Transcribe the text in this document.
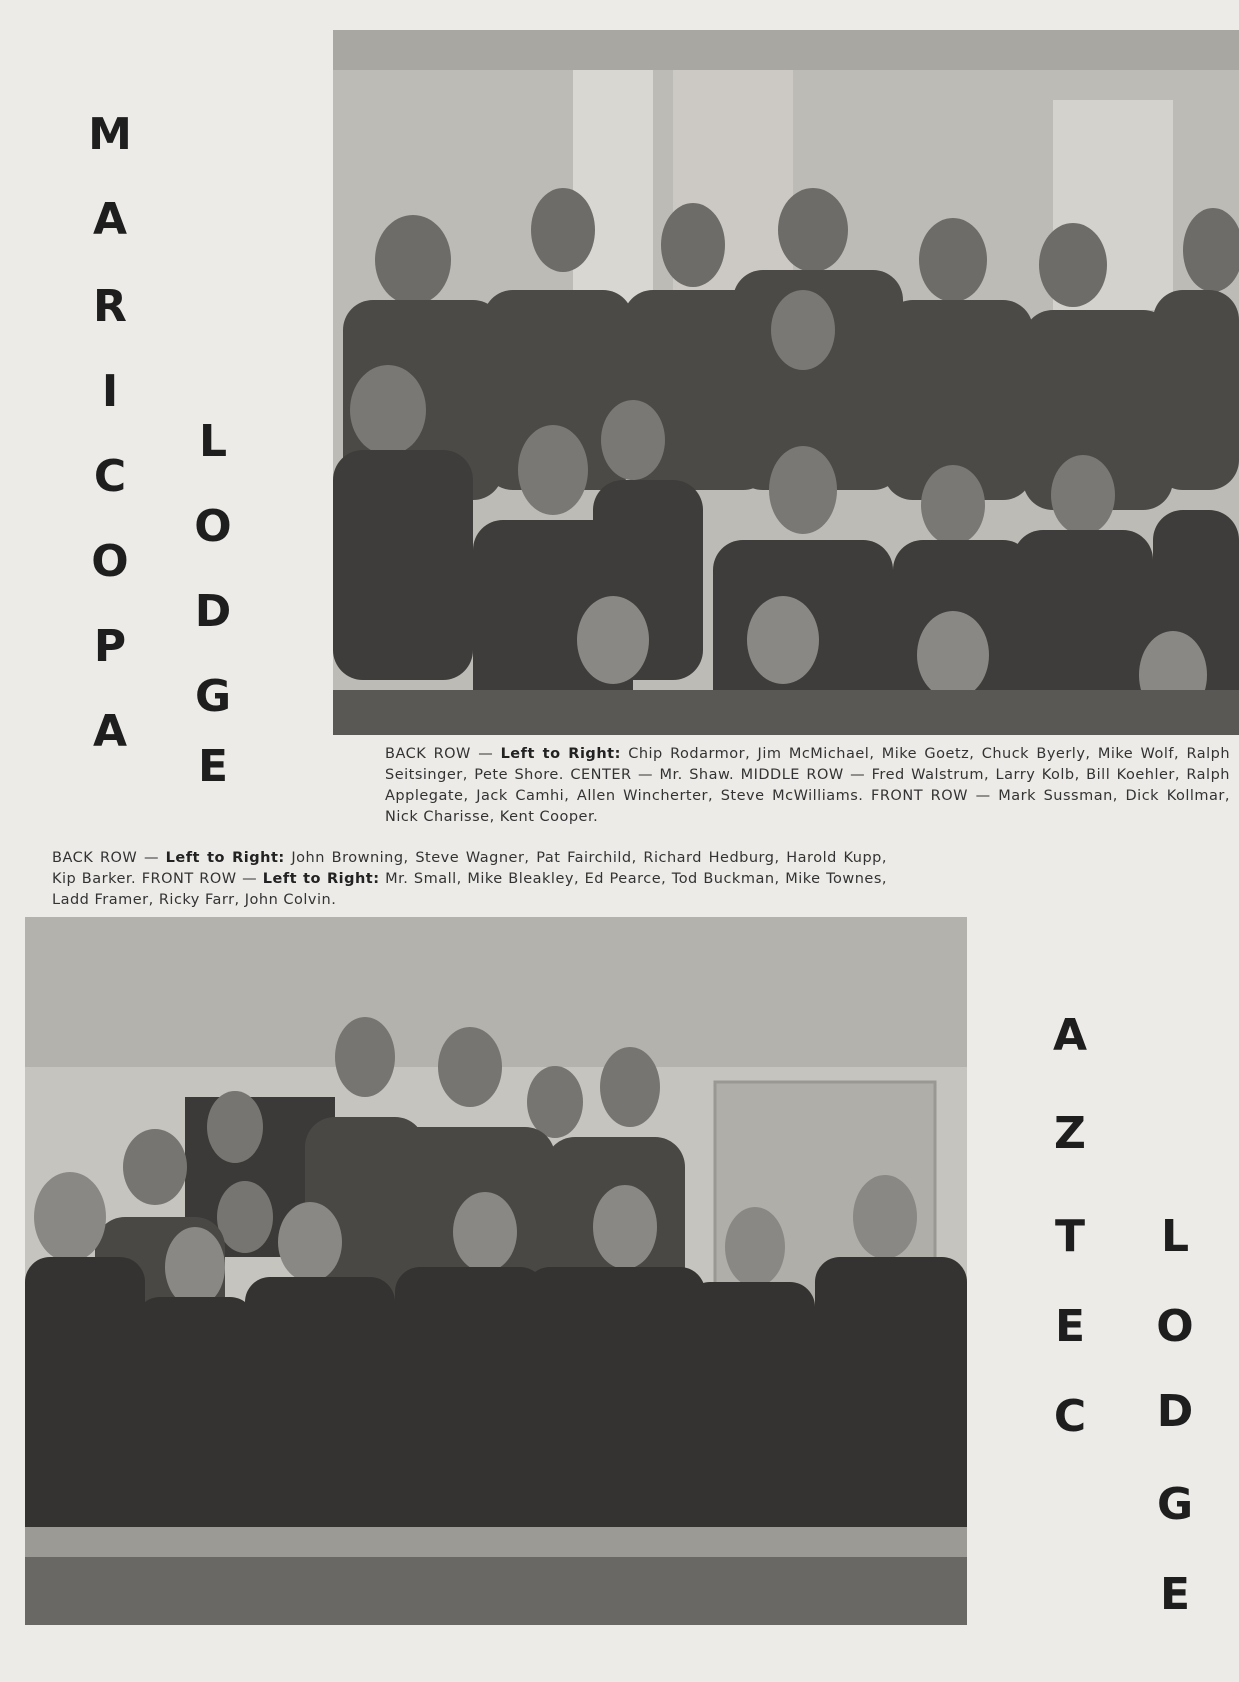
M
A
R
I
C
O
P
A
L
O
D
G
E	BACK ROW — Left to Right: Chip Rodarmor, Jim McMichael, Mike Goetz, Chuck Byerly, Mike Wolf, Ralph Seitsinger, Pete Shore. CENTER — Mr. Shaw. MIDDLE ROW — Fred Walstrum, Larry Kolb, Bill Koehler, Ralph Applegate, Jack Camhi, Allen Wincherter, Steve McWilliams. FRONT ROW — Mark Sussman, Dick Kollmar, Nick Charisse, Kent Cooper.
BACK ROW — Left to Right: John Browning, Steve Wagner, Pat Fairchild, Richard Hedburg, Harold Kupp, Kip Barker. FRONT ROW — Left to Right: Mr. Small, Mike Bleakley, Ed Pearce, Tod Buckman, Mike Townes, Ladd Framer, Ricky Farr, John Colvin.
A
Z
T
E
C
L
O
D
G
E
